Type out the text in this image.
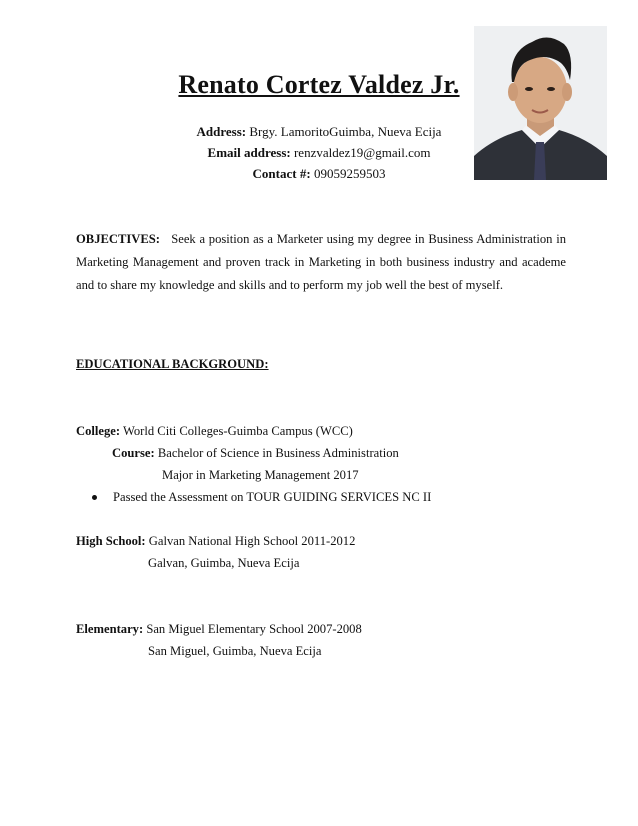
Renato Cortez Valdez Jr.
Address: Brgy. LamoritoGuimba, Nueva Ecija
Email address: renzvaldez19@gmail.com
Contact #: 09059259503
OBJECTIVES: Seek a position as a Marketer using my degree in Business Administration in Marketing Management and proven track in Marketing in both business industry and academe and to share my knowledge and skills and to perform my job well the best of myself.
EDUCATIONAL BACKGROUND:
College: World Citi Colleges-Guimba Campus (WCC)
Course: Bachelor of Science in Business Administration
Major in Marketing Management 2017
Passed the Assessment on TOUR GUIDING SERVICES NC II
High School: Galvan National High School 2011-2012
Galvan, Guimba, Nueva Ecija
Elementary: San Miguel Elementary School 2007-2008
San Miguel, Guimba, Nueva Ecija
